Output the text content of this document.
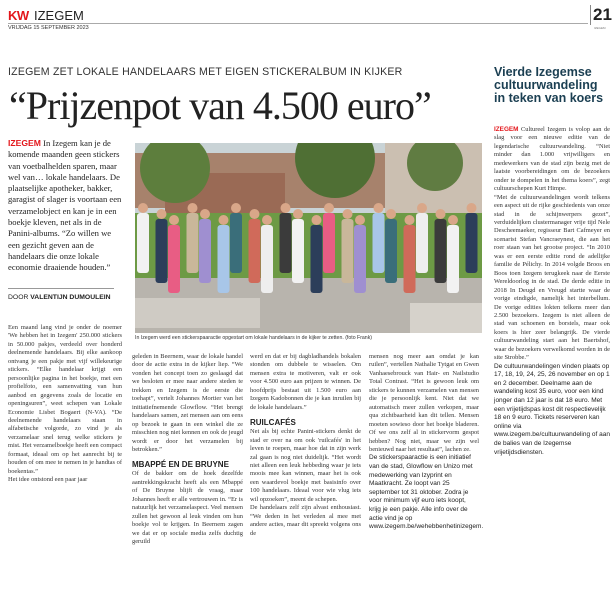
KW IZEGEM
VRIJDAG 15 SEPTEMBER 2023
21
IZEGEM
IZEGEM ZET LOKALE HANDELAARS MET EIGEN STICKERALBUM IN KIJKER
“Prijzenpot van 4.500 euro”
Vierde Izegemse cultuurwandeling in teken van koers
IZEGEM In Izegem kan je de komende maanden geen stickers van voetbalhelden sparen, maar wel van… lokale handelaars. De plaatselijke apotheker, bakker, garagist of slager is voortaan een verzamelobject en kan je in een boekje kleven, net als in de Panini-albums. “Zo willen we een gezicht geven aan de handelaars die onze lokale economie draaiende houden.”
DOOR VALENTIJN DUMOULEIN

Een maand lang vind je onder de noemer 'We hebben het in Izegem' 250.000 stickers in 50.000 pakjes, verdeeld over honderd deelnemende handelaars. Bij elke aankoop ontvang je een pakje met vijf willekeurige stickers. “Elke handelaar krijgt een persoonlijke pagina in het boekje, met een profielfoto, een samenvatting van hun aanbod en gegevens zoals de locatie en openingsuren”, weet schepen van Lokale Economie Lisbet Bogaert (N-VA). “De deelnemende handelaars staan in alfabetische volgorde, zo vind je als verzamelaar snel terug welke stickers je mist. Het verzamelboekje heeft een compact formaat, ideaal om op het aanrecht bij te houden of om mee te nemen in je handtas of boekentas.”

Het idee ontstond een paar jaar

In Izegem werd een stickerspaaractie opgestart om lokale handelaars in de kijker te zetten. (foto Frank)

geleden in Beernem, waar de lokale handel door de actie extra in de kijker liep. “We vonden het concept toen zo geslaagd dat we besloten er mee naar andere steden te trekken en Izegem is de eerste die toehapt”, vertelt Johannes Mortier van het initiatiefnemende Glowflow. “Het brengt handelaars samen, zet mensen aan om eens op bezoek te gaan in een winkel die ze misschien nog niet kennen en ook de jeugd wordt er door het verzamelen bij betrokken.”

MBAPPÉ EN DE BRUYNE

Of de bakker om de hoek dezelfde aantrekkingskracht heeft als een Mbappé of De Bruyne blijft de vraag, maar Johannes heeft er alle vertrouwen in. “Er is natuurlijk het verzamelaspect. Veel mensen zullen het gewoon al leuk vinden om hun boekje vol te krijgen. In Beernem zagen we dat er op sociale media zelfs duchtig geruild

werd en dat er bij dagbladhandels bokalen stonden om dubbele te wisselen. Om mensen extra te motiveren, valt er ook voor 4.500 euro aan prijzen te winnen. De hoofdprijs bestaat uit 1.500 euro aan Izegem Kadobonnen die je kan inruilen bij de lokale handelaars.”

RUILCAFÉS

Net als bij echte Panini-stickers denkt de stad er over na om ook 'ruilcafés' in het leven te roepen, maar hoe dat in zijn werk zal gaan is nog niet duidelijk. “Het wordt niet alleen een leuk hebbeding waar je iets moois mee kan winnen, maar het is ook een waardevol boekje met basisinfo over 100 handelaars. Ideaal voor wie vlug iets wil opzoeken”, meent de schepen.

De handelaars zelf zijn alvast enthousiast. “We deden in het verleden al mee met andere acties, maar dit spreekt volgens ons de

mensen nog meer aan omdat je kan ruilen”, vertellen Nathalie Tytgat en Gwen Vanhaesebrouck van Hair- en Nailstudio Total Contrast. “Het is gewoon leuk om stickers te kunnen verzamelen van mensen die je persoonlijk kent. Niet dat we automatisch meer zullen verkopen, maar qua zichtbaarheid kan dit tellen. Mensen moeten sowieso door het boekje bladeren. Of we ons zelf al in stickervorm gespot hebben? Nog niet, maar we zijn wel benieuwd naar het resultaat”, lachen ze.

De stickerspaaractie is een initiatief van de stad, Glowflow en Unizo met medewerking van Izyprint en Maatkracht. Ze loopt van 25 september tot 31 oktober. Zodra je voor minimum vijf euro iets koopt, krijg je een pakje. Alle info over de actie vind je op www.izegem.be/wehebbenhetinizegem.

IZEGEM Cultureel Izegem is volop aan de slag voor een nieuwe editie van de legendarische cultuurwandeling. “Niet minder dan 1.000 vrijwilligers en medewerkers van de stad zijn bezig met de laatste voorbereidingen om de bezoekers onder te dompelen in het thema koers”, zegt cultuurschepen Kurt Himpe.

“Met de cultuurwandelingen wordt telkens een aspect uit de rijke geschiedenis van onze stad in de schijnwerpers gezet”, verduidelijken clustermanager vrije tijd Nele Descheemaeker, regisseur Bart Cafmeyer en scenarist Stefan Vancraeynest, die aan het roer staan van het grootse project. “In 2010 was er een eerste editie rond de adellijke familie de Pélichy. In 2014 volgde Broos en Boos toen Izegem terugkeek naar de Eerste Wereldoorlog in de stad. De derde editie in 2018 In Deugd en Vreugd startte waar de vorige eindigde, namelijk het interbellum. De vorige edities lokten telkens meer dan 2.500 bezoekers. Izegem is niet alleen de stad van schoenen en borstels, maar ook koers is hier zeer belangrijk. De vierde cultuurwandeling start aan het Baertshof, waar de bezoekers verwelkomd worden in de site Strobbe.”

De cultuurwandelingen vinden plaats op 17, 18, 19, 24, 25, 26 november en op 1 en 2 december. Deelname aan de wandeling kost 35 euro, voor een kind jonger dan 12 jaar is dat 18 euro. Met een vrijetijdspas kost dit respectievelijk 18 en 9 euro. Tickets reserveren kan online via www.izegem.be/cultuurwandeling of aan de balies van de Izegemse vrijetijdsdiensten.
